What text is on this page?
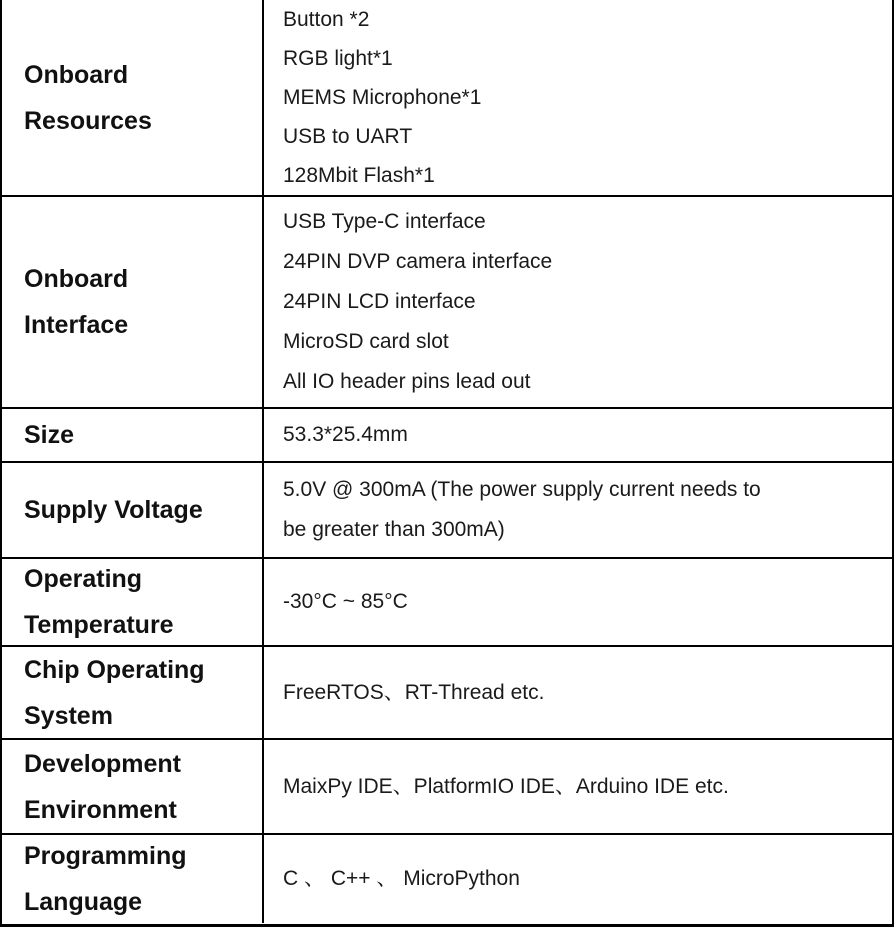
Onboard Resources
Button *2
RGB light*1
MEMS Microphone*1
USB to UART
128Mbit Flash*1
Onboard Interface
USB Type-C interface
24PIN DVP camera interface
24PIN LCD interface
MicroSD card slot
All IO header pins lead out
Size	53.3*25.4mm
Supply Voltage
5.0V @ 300mA (The power supply current needs to be greater than 300mA)
Operating Temperature
-30°C ~ 85°C
Chip Operating System
FreeRTOS、RT-Thread etc.
Development Environment
MaixPy IDE、PlatformIO IDE、Arduino IDE etc.
Programming Language
C 、 C++ 、 MicroPython
